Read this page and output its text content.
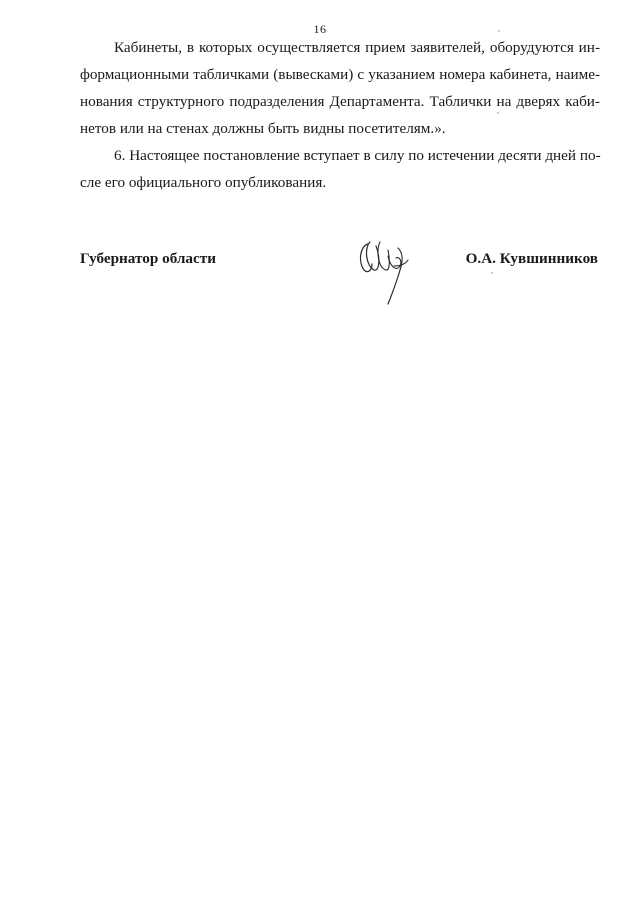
16
Кабинеты, в которых осуществляется прием заявителей, оборудуются ин-
формационными табличками (вывесками) с указанием номера кабинета, наиме-
нования структурного подразделения Департамента. Таблички на дверях каби-
нетов или на стенах должны быть видны посетителям.».
6. Настоящее постановление вступает в силу по истечении десяти дней по-
сле его официального опубликования.
Губернатор области	О.А. Кувшинников
